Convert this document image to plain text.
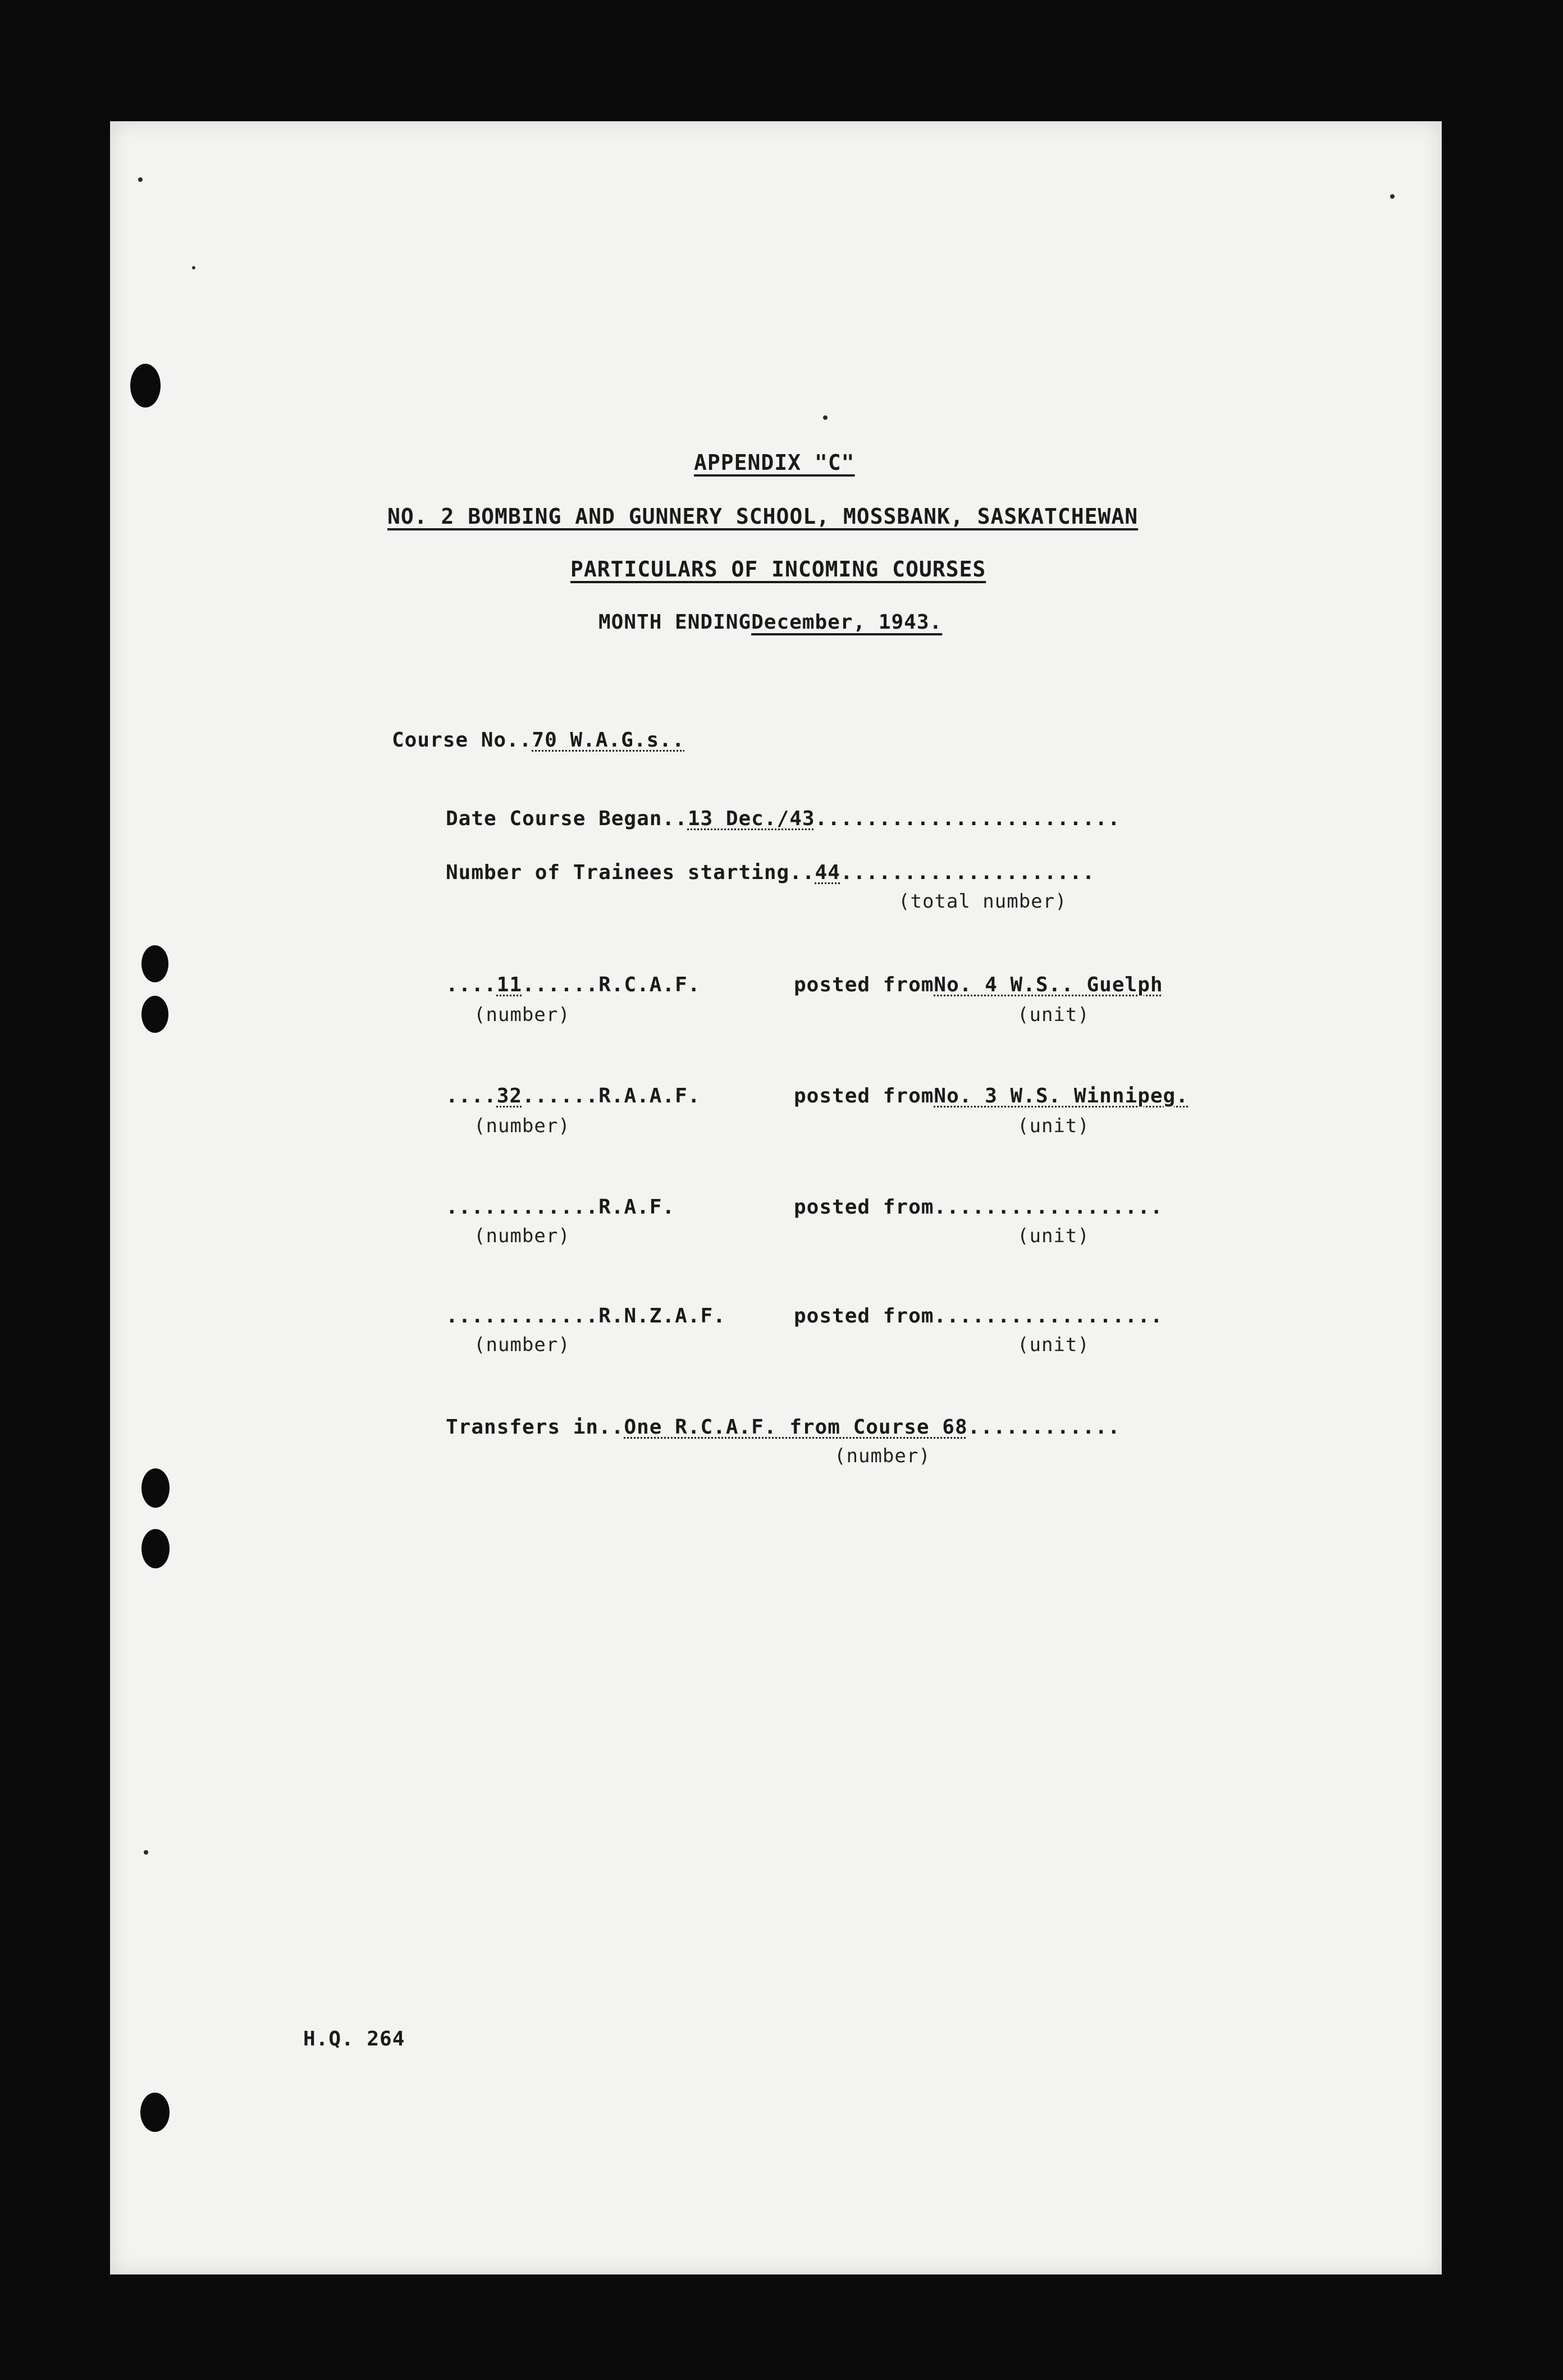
APPENDIX "C"
NO. 2 BOMBING AND GUNNERY SCHOOL, MOSSBANK, SASKATCHEWAN
PARTICULARS OF INCOMING COURSES
MONTH ENDINGDecember, 1943.
Course No..70 W.A.G.s..
Date Course Began..13 Dec./43........................
Number of Trainees starting..44....................
(total number)
....11......R.C.A.F.	posted fromNo. 4 W.S.. Guelph
(number)	(unit)
....32......R.A.A.F.	posted fromNo. 3 W.S. Winnipeg.
(number)	(unit)
............R.A.F.	posted from..................
(number)	(unit)
............R.N.Z.A.F.	posted from..................
(number)	(unit)
Transfers in..One R.C.A.F. from Course 68............
(number)
H.Q. 264
